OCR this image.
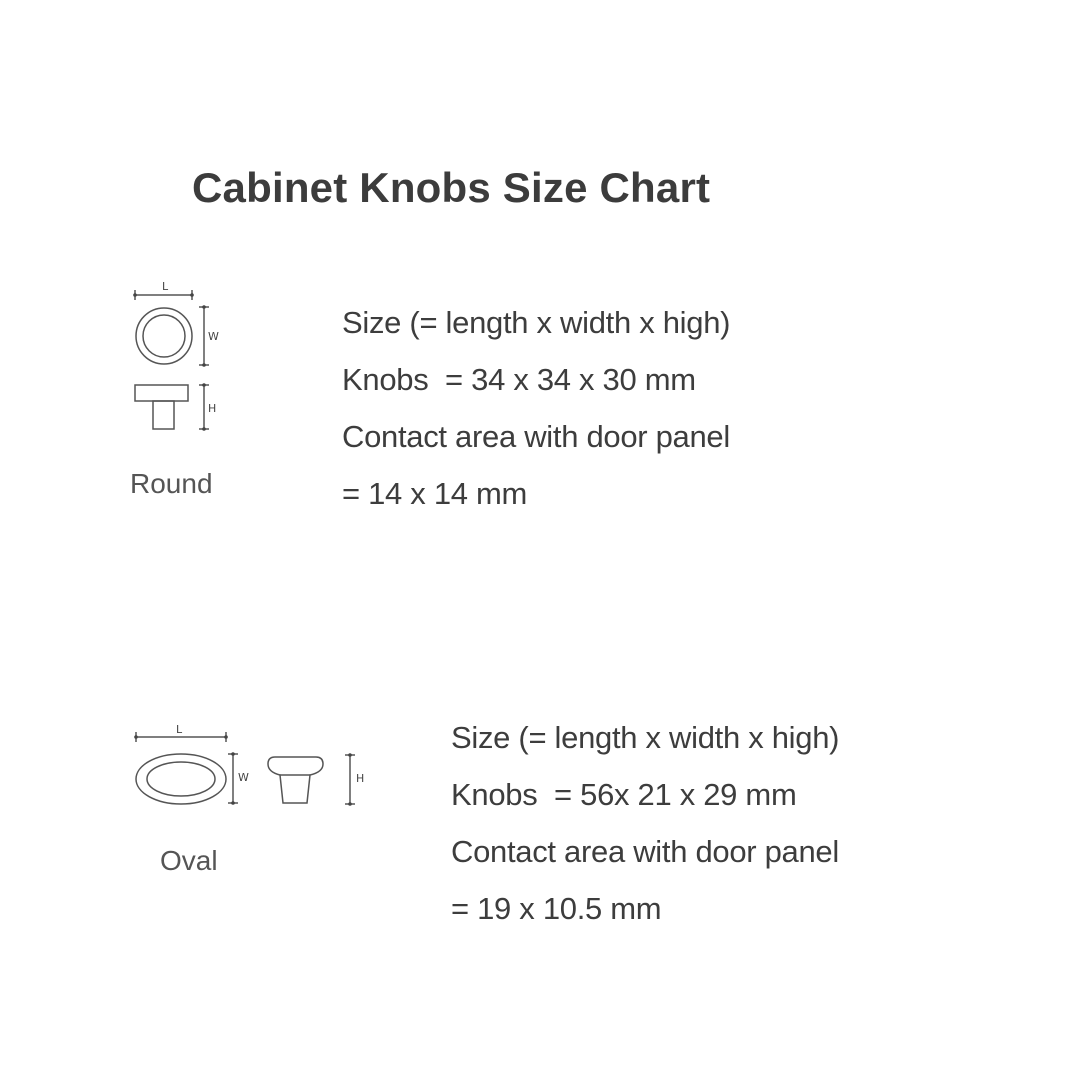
Cabinet Knobs Size Chart
L
W
H
Round
Size (= length x width x high)
Knobs  = 34 x 34 x 30 mm
Contact area with door panel
= 14 x 14 mm
L
W	H
Oval
Size (= length x width x high)
Knobs  = 56x 21 x 29 mm
Contact area with door panel
= 19 x 10.5 mm
